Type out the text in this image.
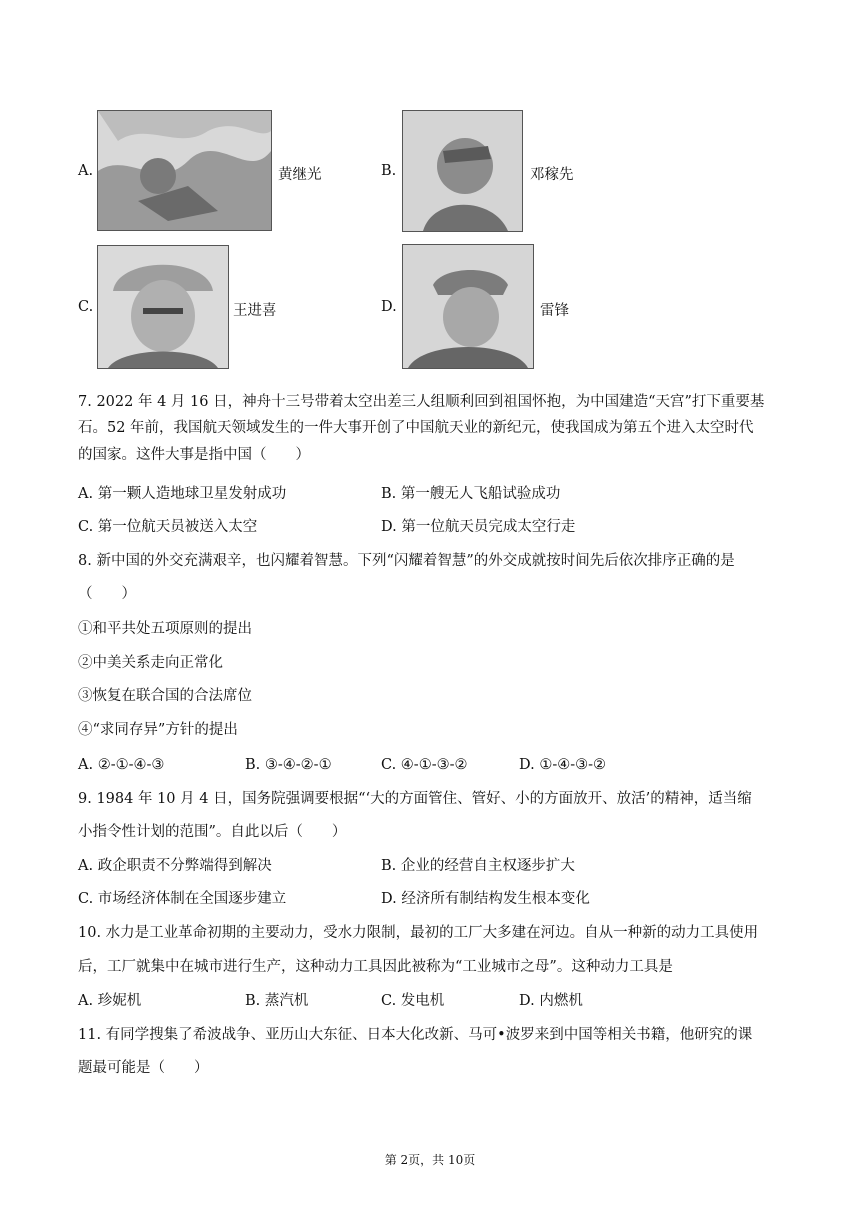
A.	黄继光	B.	邓稼先
C.	王进喜	D.	雷锋
7. 2022 年 4 月 16 日，神舟十三号带着太空出差三人组顺利回到祖国怀抱，为中国建造“天宫”打下重要基
石。52 年前，我国航天领域发生的一件大事开创了中国航天业的新纪元，使我国成为第五个进入太空时代
的国家。这件大事是指中国（　　）
A. 第一颗人造地球卫星发射成功	B. 第一艘无人飞船试验成功
C. 第一位航天员被送入太空	D. 第一位航天员完成太空行走
8. 新中国的外交充满艰辛，也闪耀着智慧。下列“闪耀着智慧”的外交成就按时间先后依次排序正确的是
（　　）
①和平共处五项原则的提出
②中美关系走向正常化
③恢复在联合国的合法席位
④“求同存异”方针的提出
A. ②-①-④-③	B. ③-④-②-①	C. ④-①-③-②	D. ①-④-③-②
9. 1984 年 10 月 4 日，国务院强调要根据“‘大的方面管住、管好、小的方面放开、放活’的精神，适当缩
小指令性计划的范围”。自此以后（　　）
A. 政企职责不分弊端得到解决	B. 企业的经营自主权逐步扩大
C. 市场经济体制在全国逐步建立	D. 经济所有制结构发生根本变化
10. 水力是工业革命初期的主要动力，受水力限制，最初的工厂大多建在河边。自从一种新的动力工具使用
后，工厂就集中在城市进行生产，这种动力工具因此被称为“工业城市之母”。这种动力工具是
A. 珍妮机	B. 蒸汽机	C. 发电机	D. 内燃机
11. 有同学搜集了希波战争、亚历山大东征、日本大化改新、马可•波罗来到中国等相关书籍，他研究的课
题最可能是（　　）
第 2页，共 10页
